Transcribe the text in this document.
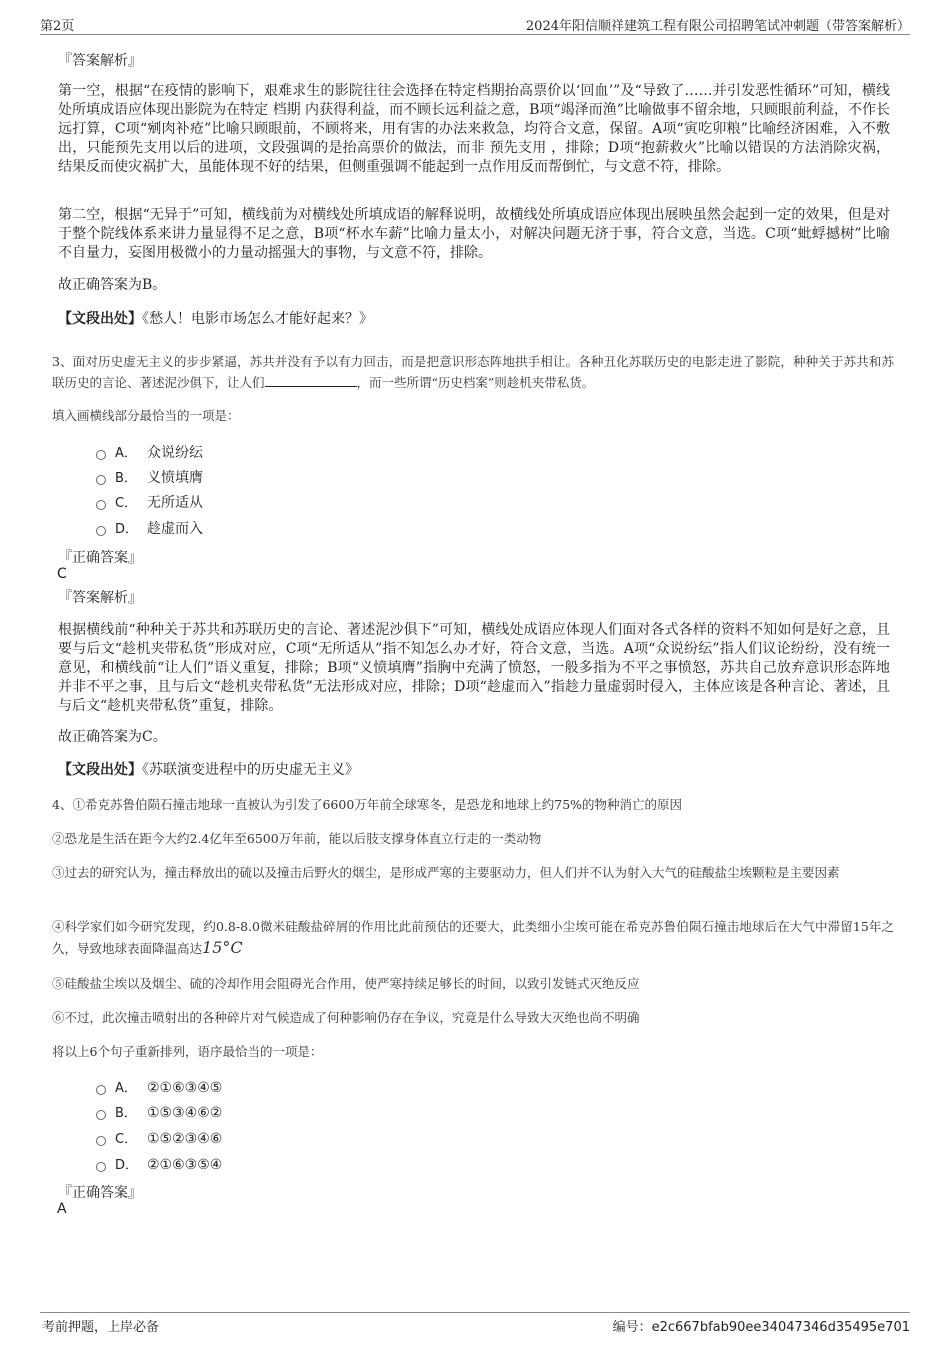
第2页	2024年阳信顺祥建筑工程有限公司招聘笔试冲刺题（带答案解析）
『答案解析』
第一空，根据“在疫情的影响下，艰难求生的影院往往会选择在特定档期抬高票价以‘回血’”及“导致了……并引发恶性循环”可知，横线处所填成语应体现出影院为在特定 档期 内获得利益，而不顾长远利益之意，B项“竭泽而渔”比喻做事不留余地，只顾眼前利益，不作长远打算，C项“剜肉补疮”比喻只顾眼前，不顾将来，用有害的办法来救急，均符合文意，保留。A项“寅吃卯粮”比喻经济困难，入不敷出，只能预先支用以后的进项，文段强调的是抬高票价的做法，而非 预先支用 ，排除；D项“抱薪救火”比喻以错误的方法消除灾祸，结果反而使灾祸扩大，虽能体现不好的结果，但侧重强调不能起到一点作用反而帮倒忙，与文意不符，排除。
第二空，根据“无异于”可知，横线前为对横线处所填成语的解释说明，故横线处所填成语应体现出展映虽然会起到一定的效果，但是对于整个院线体系来讲力量显得不足之意，B项“杯水车薪”比喻力量太小，对解决问题无济于事，符合文意，当选。C项“蚍蜉撼树”比喻不自量力，妄图用极微小的力量动摇强大的事物，与文意不符，排除。
故正确答案为B。
【文段出处】《愁人！电影市场怎么才能好起来？》
3、面对历史虚无主义的步步紧逼，苏共并没有予以有力回击，而是把意识形态阵地拱手相让。各种丑化苏联历史的电影走进了影院，种种关于苏共和苏联历史的言论、著述泥沙俱下，让人们	，而一些所谓“历史档案”则趁机夹带私货。
填入画横线部分最恰当的一项是：
A． 众说纷纭
B． 义愤填膺
C． 无所适从
D． 趁虚而入
『正确答案』
C
『答案解析』
根据横线前“种种关于苏共和苏联历史的言论、著述泥沙俱下”可知，横线处成语应体现人们面对各式各样的资料不知如何是好之意，且要与后文“趁机夹带私货”形成对应，C项“无所适从”指不知怎么办才好，符合文意，当选。A项“众说纷纭”指人们议论纷纷，没有统一意见，和横线前“让人们”语义重复，排除；B项“义愤填膺”指胸中充满了愤怒，一般多指为不平之事愤怒，苏共自己放弃意识形态阵地并非不平之事，且与后文“趁机夹带私货”无法形成对应，排除；D项“趁虚而入”指趁力量虚弱时侵入，主体应该是各种言论、著述，且与后文“趁机夹带私货”重复，排除。
故正确答案为C。
【文段出处】《苏联演变进程中的历史虚无主义》
4、①希克苏鲁伯陨石撞击地球一直被认为引发了6600万年前全球寒冬，是恐龙和地球上约75%的物种消亡的原因
②恐龙是生活在距今大约2.4亿年至6500万年前，能以后肢支撑身体直立行走的一类动物
③过去的研究认为，撞击释放出的硫以及撞击后野火的烟尘，是形成严寒的主要驱动力，但人们并不认为射入大气的硅酸盐尘埃颗粒是主要因素
④科学家们如今研究发现，约0.8-8.0微米硅酸盐碎屑的作用比此前预估的还要大，此类细小尘埃可能在希克苏鲁伯陨石撞击地球后在大气中滞留15年之久，导致地球表面降温高达15°C
⑤硅酸盐尘埃以及烟尘、硫的冷却作用会阻碍光合作用，使严寒持续足够长的时间，以致引发链式灭绝反应
⑥不过，此次撞击喷射出的各种碎片对气候造成了何种影响仍存在争议，究竟是什么导致大灭绝也尚不明确
将以上6个句子重新排列，语序最恰当的一项是：
A． ②①⑥③④⑤
B． ①⑤③④⑥②
C． ①⑤②③④⑥
D． ②①⑥③⑤④
『正确答案』
A
考前押题，上岸必备	编号：e2c667bfab90ee34047346d35495e701
